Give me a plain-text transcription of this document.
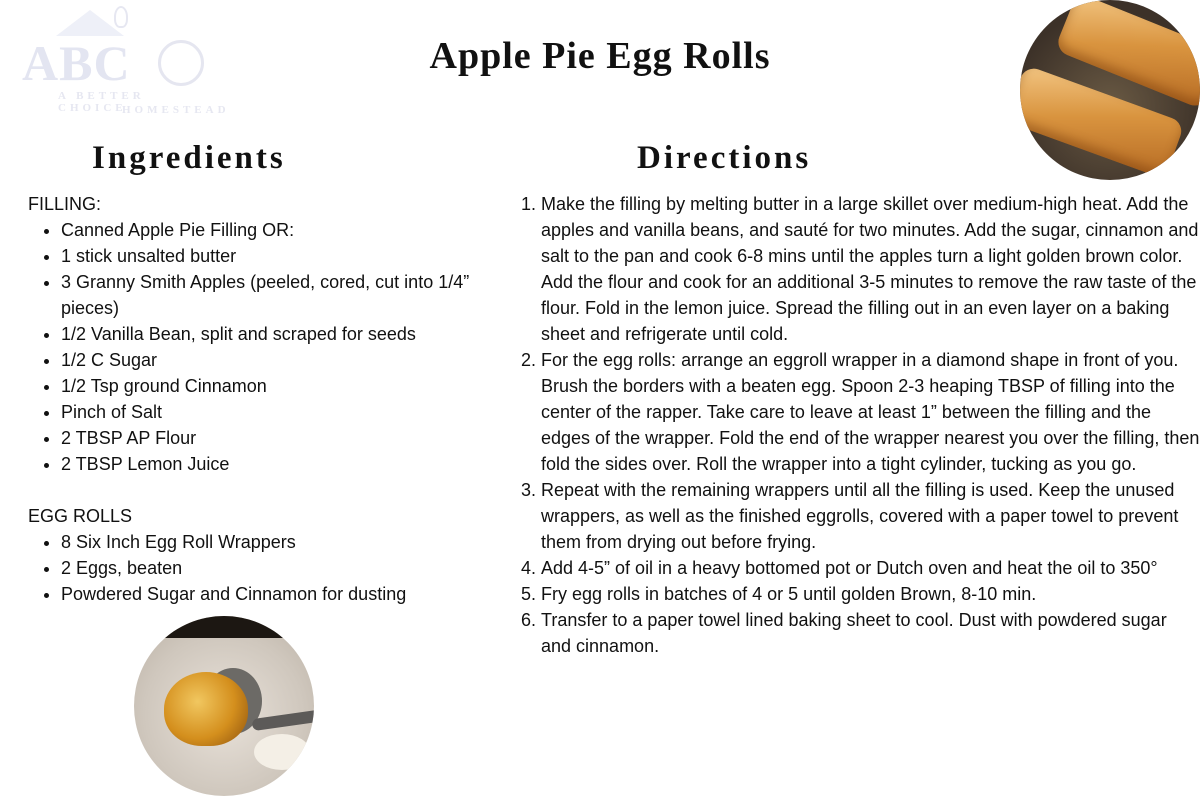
ABC
A BETTER CHOICE
HOMESTEAD
Apple Pie Egg Rolls
Ingredients	Directions

FILLING:

• Canned Apple Pie Filling OR:
• 1 stick unsalted butter
• 3 Granny Smith Apples (peeled, cored, cut into 1/4” pieces)
• 1/2 Vanilla Bean, split and scraped for seeds
• 1/2 C Sugar
• 1/2 Tsp ground Cinnamon
• Pinch of Salt
• 2 TBSP AP Flour
• 2 TBSP Lemon Juice

EGG ROLLS

• 8 Six Inch Egg Roll Wrappers
• 2 Eggs, beaten
• Powdered Sugar and Cinnamon for dusting
1. Make the filling by melting butter in a large skillet over medium-high heat. Add the apples and vanilla beans, and sauté for two minutes. Add the sugar, cinnamon and salt to the pan and cook 6-8 mins until the apples turn a light golden brown color. Add the flour and cook for an additional 3-5 minutes to remove the raw taste of the flour. Fold in the lemon juice. Spread the filling out in an even layer on a baking sheet and refrigerate until cold.
2. For the egg rolls: arrange an eggroll wrapper in a diamond shape in front of you. Brush the borders with a beaten egg. Spoon 2-3 heaping TBSP of filling into the center of the rapper. Take care to leave at least 1” between the filling and the edges of the wrapper. Fold the end of the wrapper nearest you over the filling, then fold the sides over. Roll the wrapper into a tight cylinder, tucking as you go.
3. Repeat with the remaining wrappers until all the filling is used. Keep the unused wrappers, as well as the finished eggrolls, covered with a paper towel to prevent them from drying out before frying.
4. Add 4-5” of oil in a heavy bottomed pot or Dutch oven and heat the oil to 350°
5. Fry egg rolls in batches of 4 or 5 until golden Brown, 8-10 min.
6. Transfer to a paper towel lined baking sheet to cool. Dust with powdered sugar and cinnamon.
